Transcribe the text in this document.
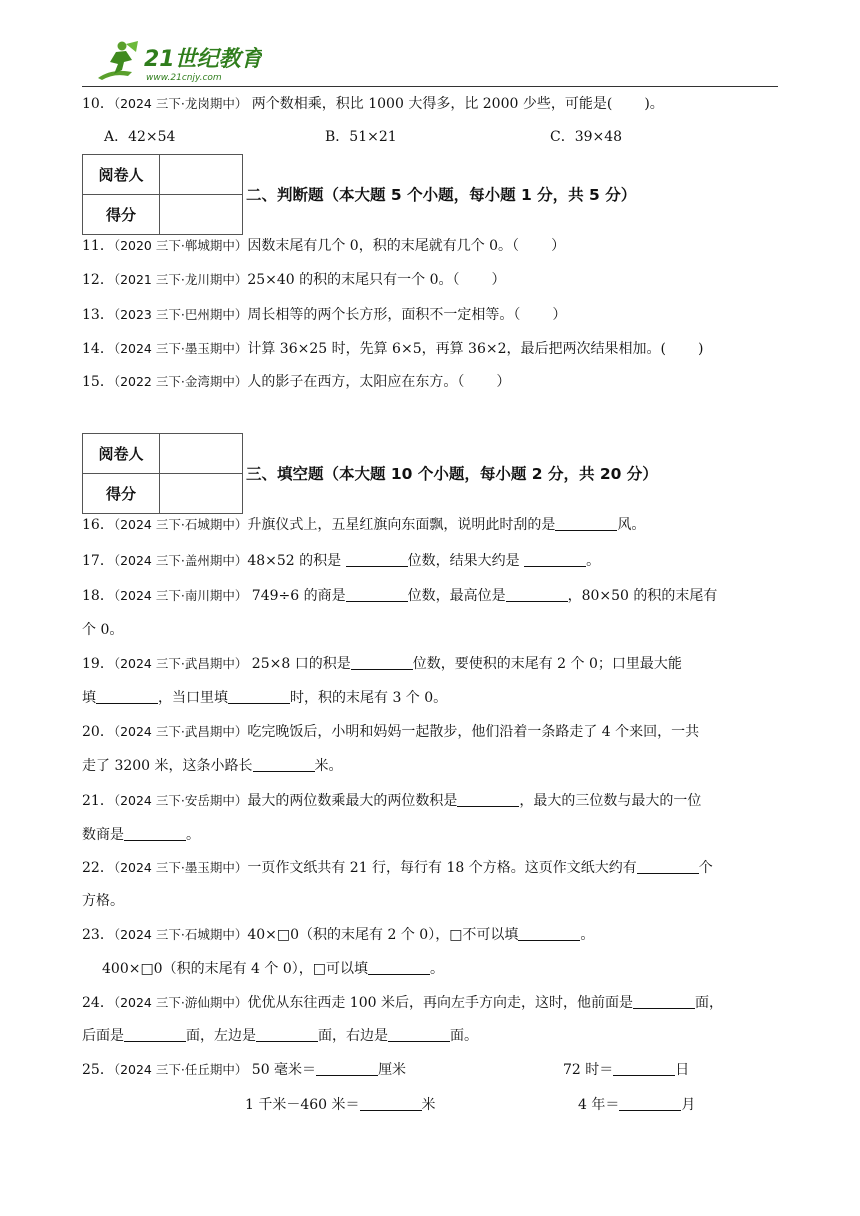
21世纪教育
www.21cnjy.com
10．（2024 三下·龙岗期中） 两个数相乘，积比 1000 大得多，比 2000 少些，可能是( )。
A．42×54	B．51×21	C．39×48
阅卷人	
得分	
二、判断题（本大题 5 个小题，每小题 1 分，共 5 分）
11．（2020 三下·郸城期中）因数末尾有几个 0，积的末尾就有几个 0。（ ）
12．（2021 三下·龙川期中）25×40 的积的末尾只有一个 0。（ ）
13．（2023 三下·巴州期中）周长相等的两个长方形，面积不一定相等。（ ）
14．（2024 三下·墨玉期中）计算 36×25 时，先算 6×5，再算 36×2，最后把两次结果相加。( )
15．（2022 三下·金湾期中）人的影子在西方，太阳应在东方。（ ）
阅卷人	
得分	
三、填空题（本大题 10 个小题，每小题 2 分，共 20 分）
16．（2024 三下·石城期中）升旗仪式上，五星红旗向东面飘，说明此时刮的是	风。
17．（2024 三下·盖州期中）48×52 的积是	位数，结果大约是	。
18．（2024 三下·南川期中） 749÷6 的商是	位数，最高位是	，80×50 的积的末尾有
个 0。
19．（2024 三下·武昌期中） 25×8 口的积是	位数，要使积的末尾有 2 个 0；口里最大能
填	，当口里填	时，积的末尾有 3 个 0。
20．（2024 三下·武昌期中）吃完晚饭后，小明和妈妈一起散步，他们沿着一条路走了 4 个来回，一共
走了 3200 米，这条小路长	米。
21．（2024 三下·安岳期中）最大的两位数乘最大的两位数积是	，最大的三位数与最大的一位
数商是	。
22．（2024 三下·墨玉期中）一页作文纸共有 21 行，每行有 18 个方格。这页作文纸大约有	个
方格。
23．（2024 三下·石城期中）40×□0（积的末尾有 2 个 0），□不可以填	。
400×□0（积的末尾有 4 个 0），□可以填	。
24．（2024 三下·游仙期中）优优从东往西走 100 米后，再向左手方向走，这时，他前面是	面，
后面是	面，左边是	面，右边是	面。
25．（2024 三下·任丘期中） 50 毫米＝	厘米	72 时＝	日
1 千米－460 米＝	米	4 年＝	月
